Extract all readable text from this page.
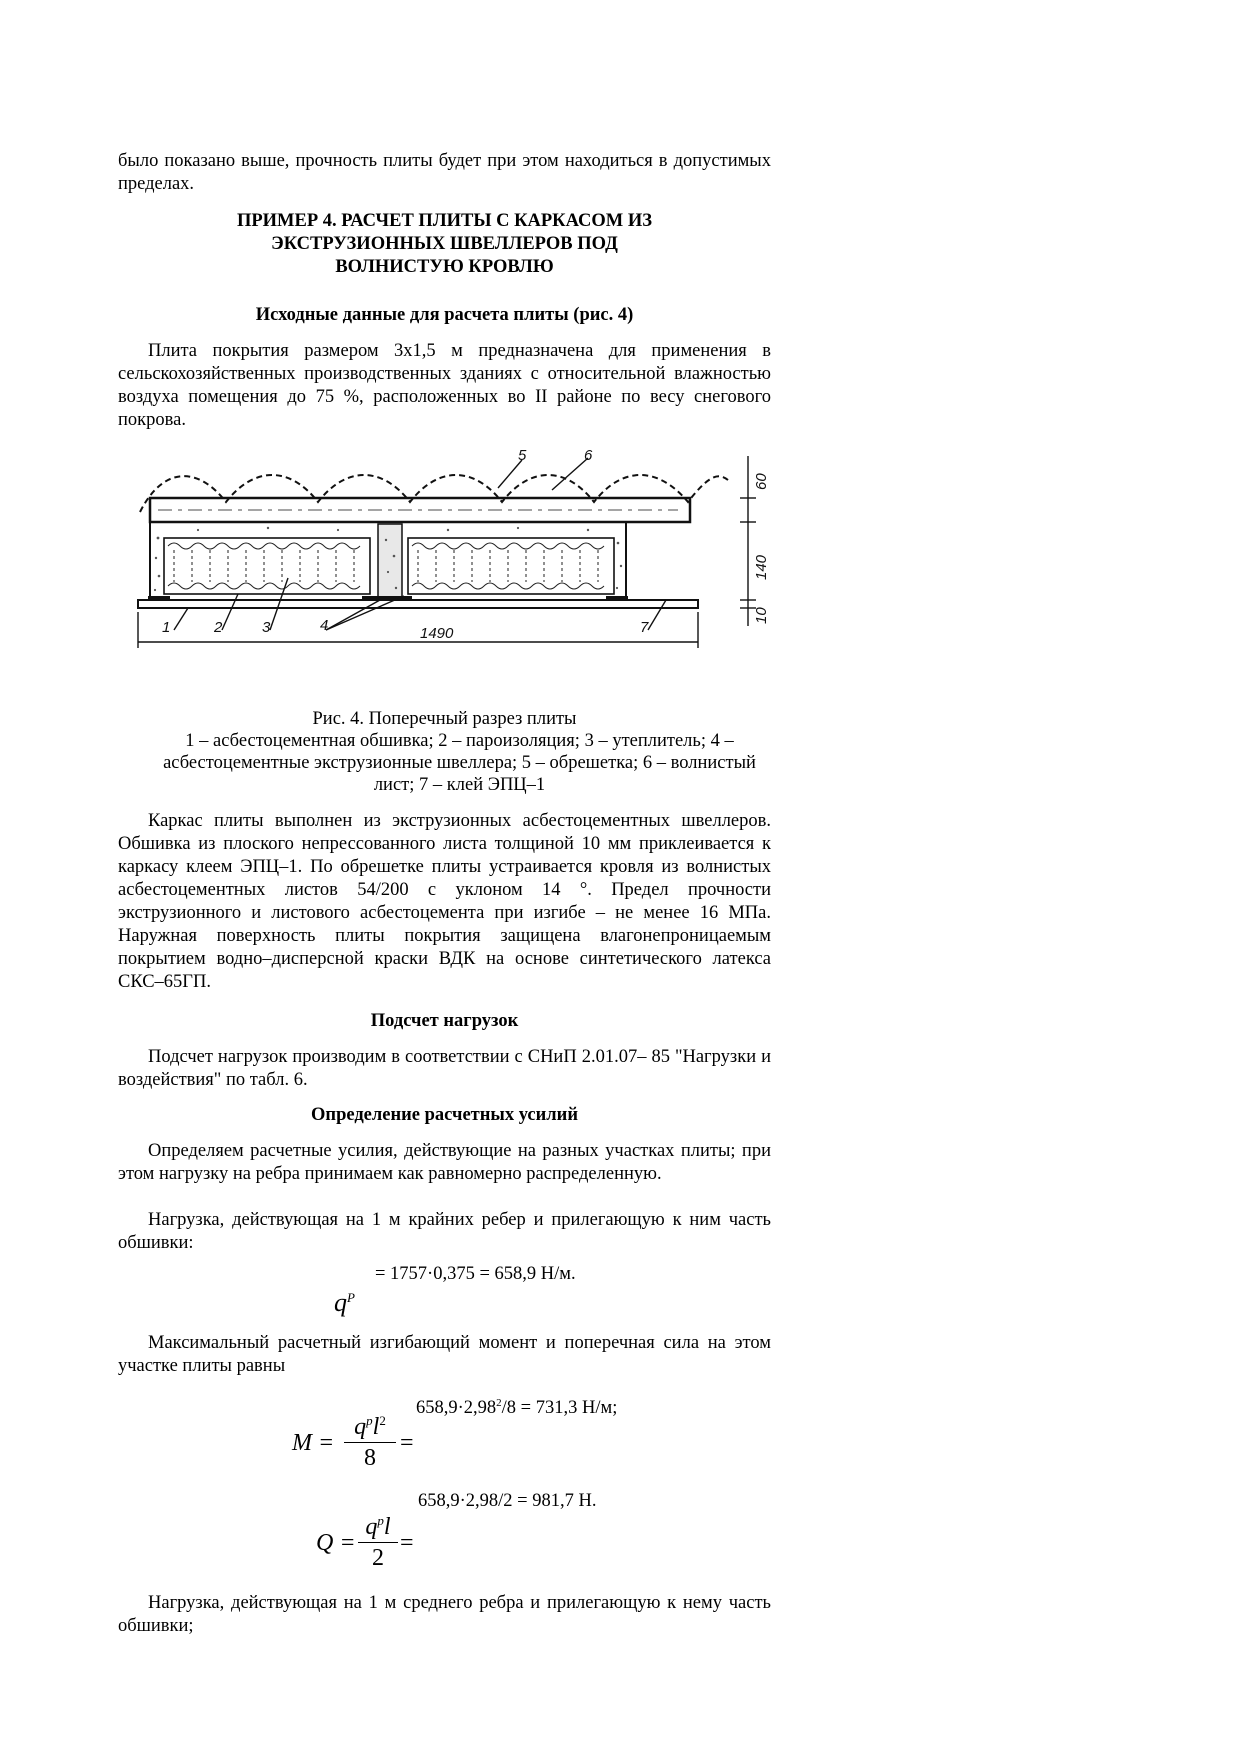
было показано выше, прочность плиты будет при этом находиться в допустимых пределах.

ПРИМЕР 4. РАСЧЕТ ПЛИТЫ С КАРКАСОМ ИЗ
ЭКСТРУЗИОННЫХ ШВЕЛЛЕРОВ ПОД
ВОЛНИСТУЮ КРОВЛЮ
Исходные данные для расчета плиты (рис. 4)

Плита покрытия размером 3х1,5 м предназначена для применения в сельскохозяйственных производственных зданиях с относительной влажностью воздуха помещения до 75 %, расположенных во II районе по весу снегового покрова.

1	2	3	4	7
5	6
1490
60
140
10
Рис. 4. Поперечный разрез плиты
1 – асбестоцементная обшивка; 2 – пароизоляция; 3 – утеплитель; 4 – асбестоцементные экструзионные швеллера; 5 – обрешетка; 6 – волнистый лист; 7 – клей ЭПЦ–1

Каркас плиты выполнен из экструзионных асбестоцементных швеллеров. Обшивка из плоского непрессованного листа толщиной 10 мм приклеивается к каркасу клеем ЭПЦ–1. По обрешетке плиты устраивается кровля из волнистых асбестоцементных листов 54/200 с уклоном 14 °. Предел прочности экструзионного и листового асбестоцемента при изгибе – не менее 16 МПа. Наружная поверхность плиты покрытия защищена влагонепроницаемым покрытием водно–дисперсной краски ВДК на основе синтетического латекса СКС–65ГП.

Подсчет нагрузок

Подсчет нагрузок производим в соответствии с СНиП 2.01.07– 85 "Нагрузки и воздействия" по табл. 6.

Определение расчетных усилий

Определяем расчетные усилия, действующие на разных участках плиты; при этом нагрузку на ребра принимаем как равномерно распределенную.

Нагрузка, действующая на 1 м крайних ребер и прилегающую к ним часть обшивки:

$q^P$
= 1757·0,375 = 658,9 Н/м.

Максимальный расчетный изгибающий момент и поперечная сила на этом участке плиты равны

$658,9\cdot 2,98^2/8 = 731,3$ Н/м;
M =
$q^pl^2$
8
=
658,9·2,98/2 = 981,7 Н.
Q =
$q^pl$
2
=

Нагрузка, действующая на 1 м среднего ребра и прилегающую к нему часть обшивки;
